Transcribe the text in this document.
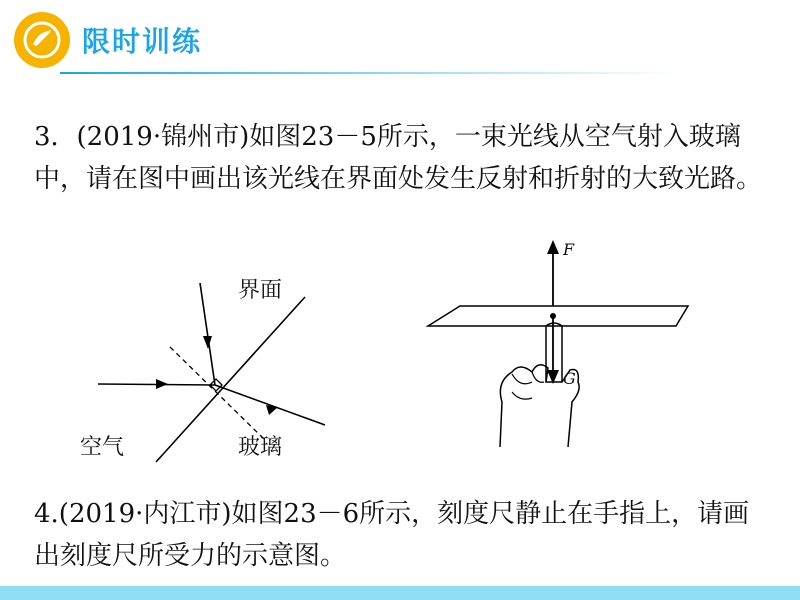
限时训练
3．(2019·锦州市)如图23－5所示，一束光线从空气射入玻璃中，请在图中画出该光线在界面处发生反射和折射的大致光路。
界面
空气	玻璃
F
G
4.(2019·内江市)如图23－6所示，刻度尺静止在手指上，请画出刻度尺所受力的示意图。
